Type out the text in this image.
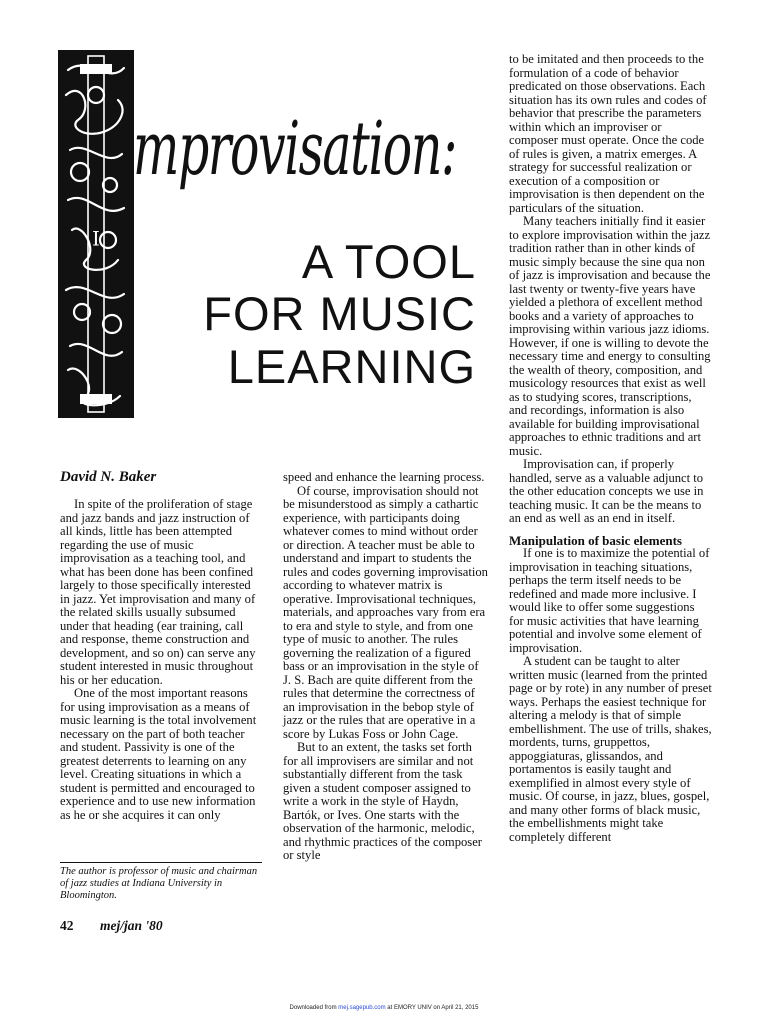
I
mprovisation:
A TOOL
FOR MUSIC
LEARNING
David N. Baker

In spite of the proliferation of stage and jazz bands and jazz instruction of all kinds, little has been attempted regarding the use of music improvisation as a teaching tool, and what has been done has been confined largely to those specifically interested in jazz. Yet improvisation and many of the related skills usually subsumed under that heading (ear training, call and response, theme construction and development, and so on) can serve any student interested in music throughout his or her education.

One of the most important reasons for using improvisation as a means of music learning is the total involvement necessary on the part of both teacher and student. Passivity is one of the greatest deterrents to learning on any level. Creating situations in which a student is permitted and encouraged to experience and to use new information as he or she acquires it can only

speed and enhance the learning process.

Of course, improvisation should not be misunderstood as simply a cathartic experience, with participants doing whatever comes to mind without order or direction. A teacher must be able to understand and impart to students the rules and codes governing improvisation according to whatever matrix is operative. Improvisational techniques, materials, and approaches vary from era to era and style to style, and from one type of music to another. The rules governing the realization of a figured bass or an improvisation in the style of J. S. Bach are quite different from the rules that determine the correctness of an improvisation in the bebop style of jazz or the rules that are operative in a score by Lukas Foss or John Cage.

But to an extent, the tasks set forth for all improvisers are similar and not substantially different from the task given a student composer assigned to write a work in the style of Haydn, Bartók, or Ives. One starts with the observation of the harmonic, melodic, and rhythmic practices of the composer or style

to be imitated and then proceeds to the formulation of a code of behavior predicated on those observations. Each situation has its own rules and codes of behavior that prescribe the parameters within which an improviser or composer must operate. Once the code of rules is given, a matrix emerges. A strategy for successful realization or execution of a composition or improvisation is then dependent on the particulars of the situation.

Many teachers initially find it easier to explore improvisation within the jazz tradition rather than in other kinds of music simply because the sine qua non of jazz is improvisation and because the last twenty or twenty-five years have yielded a plethora of excellent method books and a variety of approaches to improvising within various jazz idioms. However, if one is willing to devote the necessary time and energy to consulting the wealth of theory, composition, and musicology resources that exist as well as to studying scores, transcriptions, and recordings, information is also available for building improvisational approaches to ethnic traditions and art music.

Improvisation can, if properly handled, serve as a valuable adjunct to the other education concepts we use in teaching music. It can be the means to an end as well as an end in itself.

Manipulation of basic elements

If one is to maximize the potential of improvisation in teaching situations, perhaps the term itself needs to be redefined and made more inclusive. I would like to offer some suggestions for music activities that have learning potential and involve some element of improvisation.

A student can be taught to alter written music (learned from the printed page or by rote) in any number of preset ways. Perhaps the easiest technique for altering a melody is that of simple embellishment. The use of trills, shakes, mordents, turns, gruppettos, appoggiaturas, glissandos, and portamentos is easily taught and exemplified in almost every style of music. Of course, in jazz, blues, gospel, and many other forms of black music, the embellishments might take completely different

The author is professor of music and chairman of jazz studies at Indiana University in Bloomington.
42 mej/jan '80
Downloaded from mej.sagepub.com at EMORY UNIV on April 21, 2015
